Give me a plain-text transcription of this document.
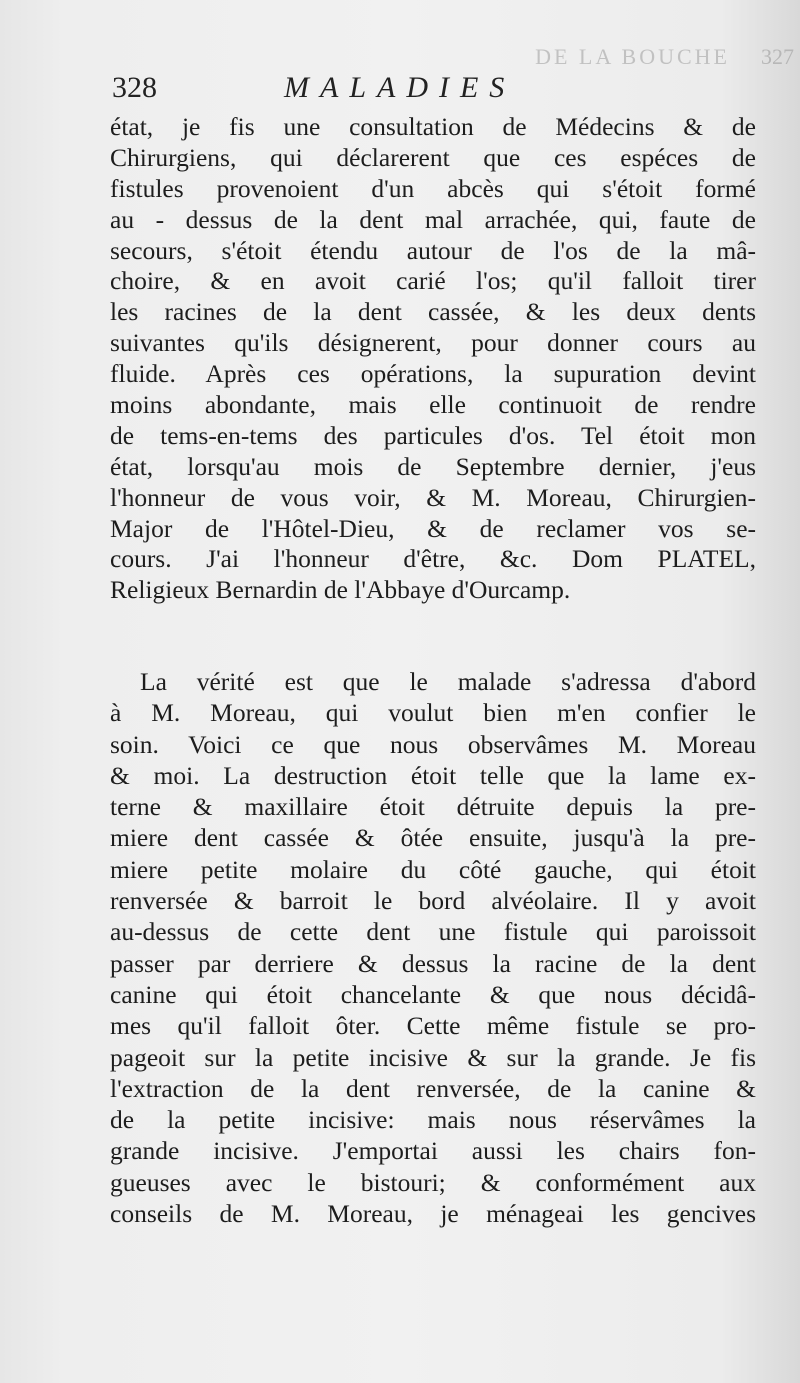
DE LA BOUCHE 327
328	MALADIES
état, je fis une consultation de Médecins & de
Chirurgiens, qui déclarerent que ces espéces de
fistules provenoient d'un abcès qui s'étoit formé
au - dessus de la dent mal arrachée, qui, faute de
secours, s'étoit étendu autour de l'os de la mâ-
choire, & en avoit carié l'os; qu'il falloit tirer
les racines de la dent cassée, & les deux dents
suivantes qu'ils désignerent, pour donner cours au
fluide. Après ces opérations, la supuration devint
moins abondante, mais elle continuoit de rendre
de tems-en-tems des particules d'os. Tel étoit mon
état, lorsqu'au mois de Septembre dernier, j'eus
l'honneur de vous voir, & M. Moreau, Chirurgien-
Major de l'Hôtel-Dieu, & de reclamer vos se-
cours. J'ai l'honneur d'être, &c. Dom PLATEL,
Religieux Bernardin de l'Abbaye d'Ourcamp.
La vérité est que le malade s'adressa d'abord
à M. Moreau, qui voulut bien m'en confier le
soin. Voici ce que nous observâmes M. Moreau
& moi. La destruction étoit telle que la lame ex-
terne & maxillaire étoit détruite depuis la pre-
miere dent cassée & ôtée ensuite, jusqu'à la pre-
miere petite molaire du côté gauche, qui étoit
renversée & barroit le bord alvéolaire. Il y avoit
au-dessus de cette dent une fistule qui paroissoit
passer par derriere & dessus la racine de la dent
canine qui étoit chancelante & que nous décidâ-
mes qu'il falloit ôter. Cette même fistule se pro-
pageoit sur la petite incisive & sur la grande. Je fis
l'extraction de la dent renversée, de la canine &
de la petite incisive: mais nous réservâmes la
grande incisive. J'emportai aussi les chairs fon-
gueuses avec le bistouri; & conformément aux
conseils de M. Moreau, je ménageai les gencives
